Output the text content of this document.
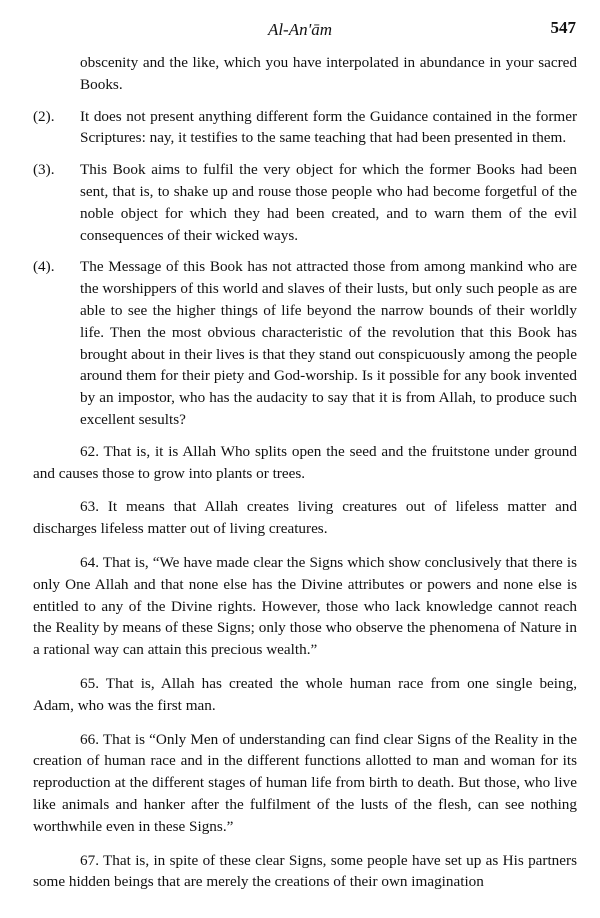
Al-An'ām	547
obscenity and the like, which you have interpolated in abundance in your sacred Books.
(2). It does not present anything different form the Guidance contained in the former Scriptures: nay, it testifies to the same teaching that had been presented in them.
(3). This Book aims to fulfil the very object for which the former Books had been sent, that is, to shake up and rouse those people who had become forgetful of the noble object for which they had been created, and to warn them of the evil consequences of their wicked ways.
(4). The Message of this Book has not attracted those from among mankind who are the worshippers of this world and slaves of their lusts, but only such people as are able to see the higher things of life beyond the narrow bounds of their worldly life. Then the most obvious characteristic of the revolution that this Book has brought about in their lives is that they stand out conspicuously among the people around them for their piety and God-worship. Is it possible for any book invented by an impostor, who has the audacity to say that it is from Allah, to produce such excellent sesults?

62. That is, it is Allah Who splits open the seed and the fruitstone under ground and causes those to grow into plants or trees.

63. It means that Allah creates living creatures out of lifeless matter and discharges lifeless matter out of living creatures.

64. That is, “We have made clear the Signs which show conclusively that there is only One Allah and that none else has the Divine attributes or powers and none else is entitled to any of the Divine rights. However, those who lack knowledge cannot reach the Reality by means of these Signs; only those who observe the phenomena of Nature in a rational way can attain this precious wealth.”

65. That is, Allah has created the whole human race from one single being, Adam, who was the first man.

66. That is “Only Men of understanding can find clear Signs of the Reality in the creation of human race and in the different functions allotted to man and woman for its reproduction at the different stages of human life from birth to death. But those, who live like animals and hanker after the fulfilment of the lusts of the flesh, can see nothing worthwhile even in these Signs.”

67. That is, in spite of these clear Signs, some people have set up as His partners some hidden beings that are merely the creations of their own imagination
